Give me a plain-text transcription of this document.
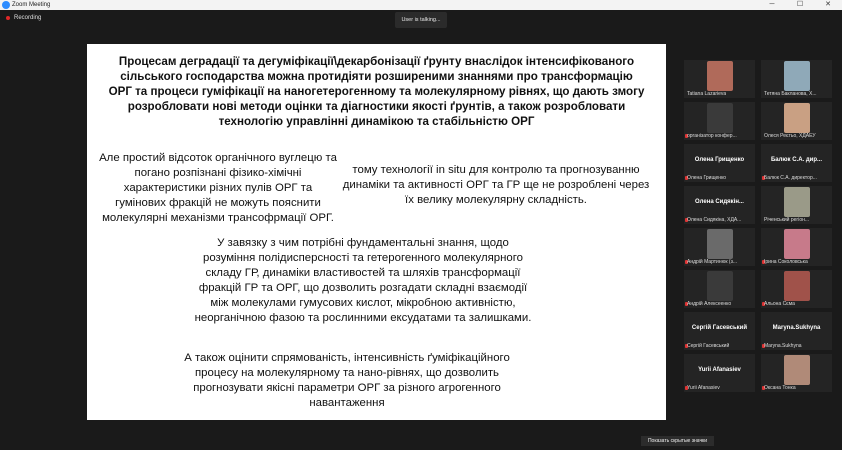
Zoom Meeting	─	☐	✕
Recording	User is talking...
Процесам деградації та дегуміфікації\декарбонізації ґрунту внаслідок інтенсифікованого сільського господарства можна протидіяти розширеними знаннями про трансформацію ОРГ та процеси гуміфікації на наногетерогенному та молекулярному рівнях, що дають змогу розробловати нові методи оцінки та діагностики якості ґрунтів, а також розробловати технологію управлінні динамікою та стабільністю ОРГ
Але простий відсоток органічного вуглецю та погано розпізнані фізико-хімічні характеристики різних пулів ОРГ та гумінових фракцій не можуть пояснити молекулярні механізми трансофрмації ОРГ.
тому технології in situ для контролю та прогнозуванню динаміки та активності ОРГ та ГР ще не розроблені через їх велику молекулярну складність.
У завязку з чим потрібні фундаментальні знання, щодо розуміння полідисперсності та гетерогенного молекулярного складу ГР, динаміки властивостей та шляхів трансформації фракцій ГР та ОРГ, що дозволить розгадати складні взаємодії між молекулами гумусових кислот, мікробною активністю, неорганічною фазою та рослинними ексудатами та залишками.
А також оцінити спрямованість, інтенсивність ґуміфікаційного процесу на молекулярному та нано-рівнях, що дозволить прогнозувати якісні параметри ОРГ за різного агрогенного навантаження
Tatiana Lazarieva	Тетяна Бакланова, Х...
організатор конфер...	Олеся Реєтьо, ХДАЕУ
Олена Грищенко
Олена Грищенко
Балюк С.А. дир...
Балюк С.А. директор...
Олена Сидякін...
Олена Сидякіна, ХДА...	Річенський регіон...
Андрій Мартинюк (з...	Ірина Соколовська
Андрій Алексеенко	Альона Сєма
Сергій Гасевський
Сергій Гасевський
Maryna.Sukhyna
Maryna.Sukhyna
Yurii Afanasiev
Yurii Afanasiev	Оксана Тонка
Показать скрытые значки
